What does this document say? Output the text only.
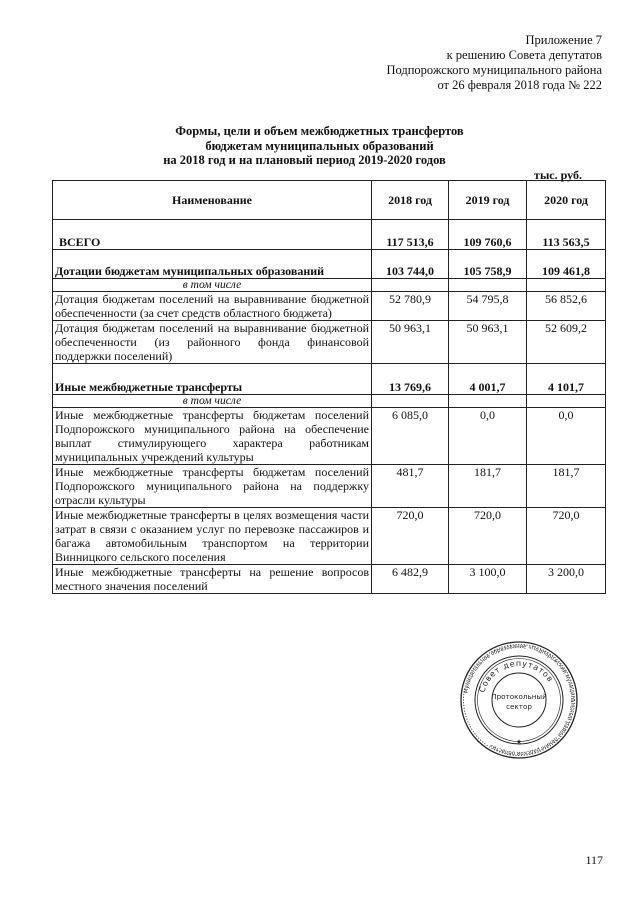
Приложение 7
к решению Совета депутатов
Подпорожского муниципального района
от 26 февраля 2018 года № 222
Формы, цели и объем межбюджетных трансфертов
бюджетам муниципальных образований
на 2018 год и на плановый период 2019-2020 годов
тыс. руб.
Наименование	2018 год	2019 год	2020 год
ВСЕГО	117 513,6	109 760,6	113 563,5
Дотации бюджетам муниципальных образований	103 744,0	105 758,9	109 461,8
в том числе			
Дотация бюджетам поселений на выравнивание бюджетной обеспеченности (за счет средств областного бюджета)	52 780,9	54 795,8	56 852,6
Дотация бюджетам поселений на выравнивание бюджетной обеспеченности (из районного фонда финансовой поддержки поселений)	50 963,1	50 963,1	52 609,2
Иные межбюджетные трансферты	13 769,6	4 001,7	4 101,7
в том числе			
Иные межбюджетные трансферты бюджетам поселений Подпорожского муниципального района на обеспечение выплат стимулирующего характера работникам муниципальных учреждений культуры	6 085,0	0,0	0,0
Иные межбюджетные трансферты бюджетам поселений Подпорожского муниципального района на поддержку отрасли культуры	481,7	181,7	181,7
Иные межбюджетные трансферты в целях возмещения части затрат в связи с оказанием услуг по перевозке пассажиров и багажа автомобильным транспортом на территории Винницкого сельского поселения	720,0	720,0	720,0
Иные межбюджетные трансферты на решение вопросов местного значения поселений	6 482,9	3 100,0	3 200,0
Муниципальное образование «Подпорожский муниципальный район Ленинградской области»
Совет депутатов
Протокольный
сектор
★
117
